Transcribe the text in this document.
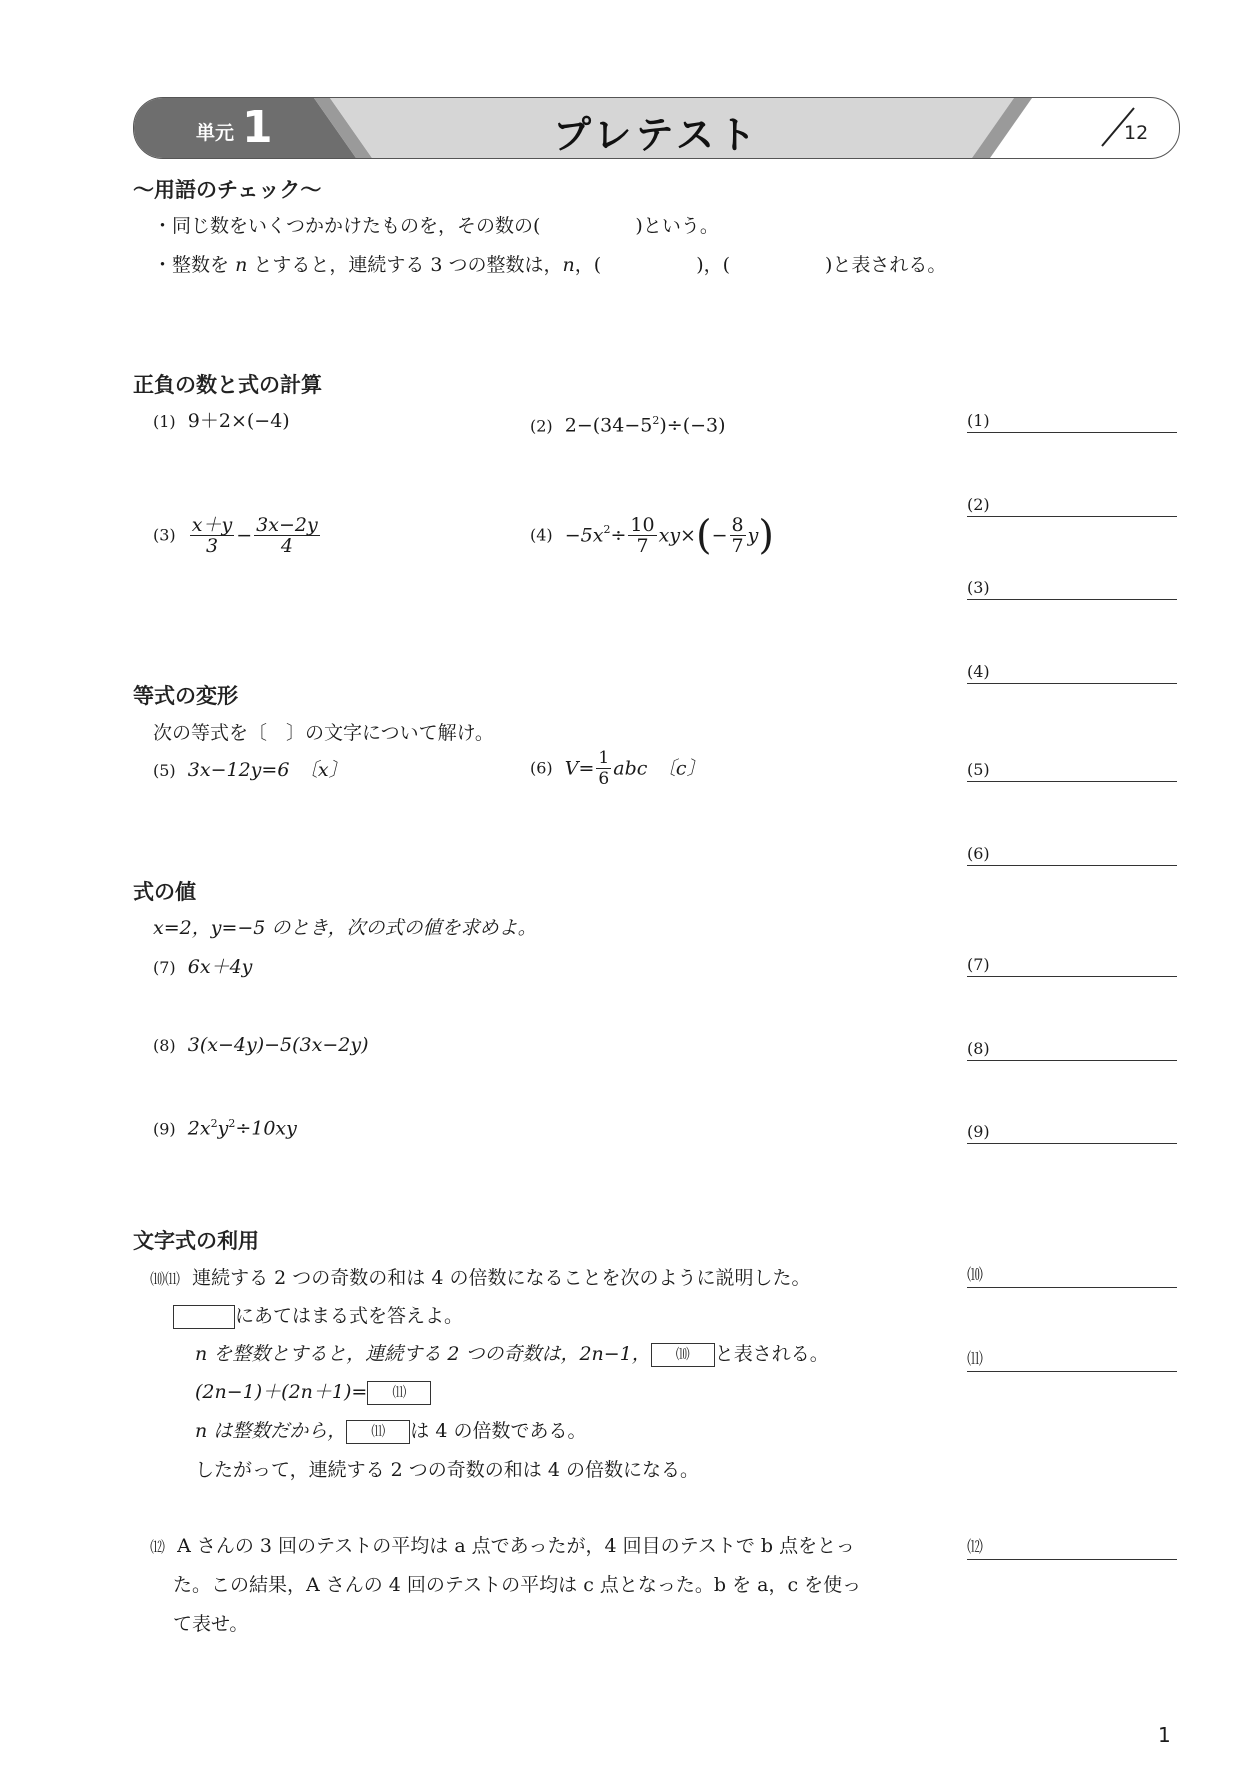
単元 1	プレテスト	12
〜用語のチェック〜
・同じ数をいくつかかけたものを，その数の(　　　　　)という。
・整数を n とすると，連続する 3 つの整数は，n，(　　　　　)，(　　　　　)と表される。
正負の数と式の計算
(1) 9＋2×(−4)	(2) $2-(34-5^2)\div(-3)$
$(3) \frac{x+y}{3} - \frac{3x-2y}{4}$	$(4) -5x^2\div \frac{10}{7} xy\times(- \frac{8}{7} y)$
等式の変形
次の等式を〔　〕の文字について解け。
(5) 3x−12y=6　〔x〕	(6) $V= \frac{1}{6}$ abc　〔c〕
式の値
x=2，y=−5 のとき，次の式の値を求めよ。
(7) 6x＋4y
(8) 3(x−4y)−5(3x−2y)
(9) $2x^2y^2\div 10xy$
文字式の利用
⑽⑾ 連続する 2 つの奇数の和は 4 の倍数になることを次のように説明した。
にあてはまる式を答えよ。
n を整数とすると，連続する 2 つの奇数は，2n−1， ⑽ と表される。
(2n−1)＋(2n＋1)= ⑾
n は整数だから， ⑾ は 4 の倍数である。
したがって，連続する 2 つの奇数の和は 4 の倍数になる。
⑿ A さんの 3 回のテストの平均は a 点であったが，4 回目のテストで b 点をとっ
た。この結果，A さんの 4 回のテストの平均は c 点となった。b を a，c を使っ
て表せ。
(1)
(2)
(3)
(4)
(5)
(6)
(7)
(8)
(9)
⑽
⑾
⑿
1
